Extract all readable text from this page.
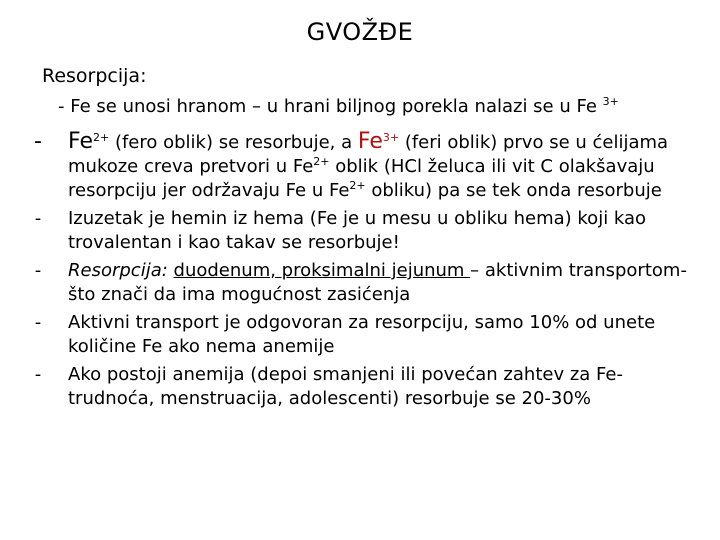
GVOŽĐE
Resorpcija:
- Fe se unosi hranom – u hrani biljnog porekla nalazi se u Fe $^{3+}$
- $Fe^{2+}$ (fero oblik) se resorbuje, a $Fe^{3+}$ (feri oblik) prvo se u ćelijama mukoze creva pretvori u $Fe^{2+}$ oblik (HCl želuca ili vit C olakšavaju resorpciju jer održavaju Fe u $Fe^{2+}$ obliku) pa se tek onda resorbuje
-	Izuzetak je hemin iz hema (Fe je u mesu u obliku hema) koji kao trovalentan i kao takav se resorbuje!
-	Resorpcija: duodenum, proksimalni jejunum – aktivnim transportom- što znači da ima mogućnost zasićenja
-	Aktivni transport je odgovoran za resorpciju, samo 10% od unete količine Fe ako nema anemije
-	Ako postoji anemija (depoi smanjeni ili povećan zahtev za Fe- trudnoća, menstruacija, adolescenti) resorbuje se 20-30%
